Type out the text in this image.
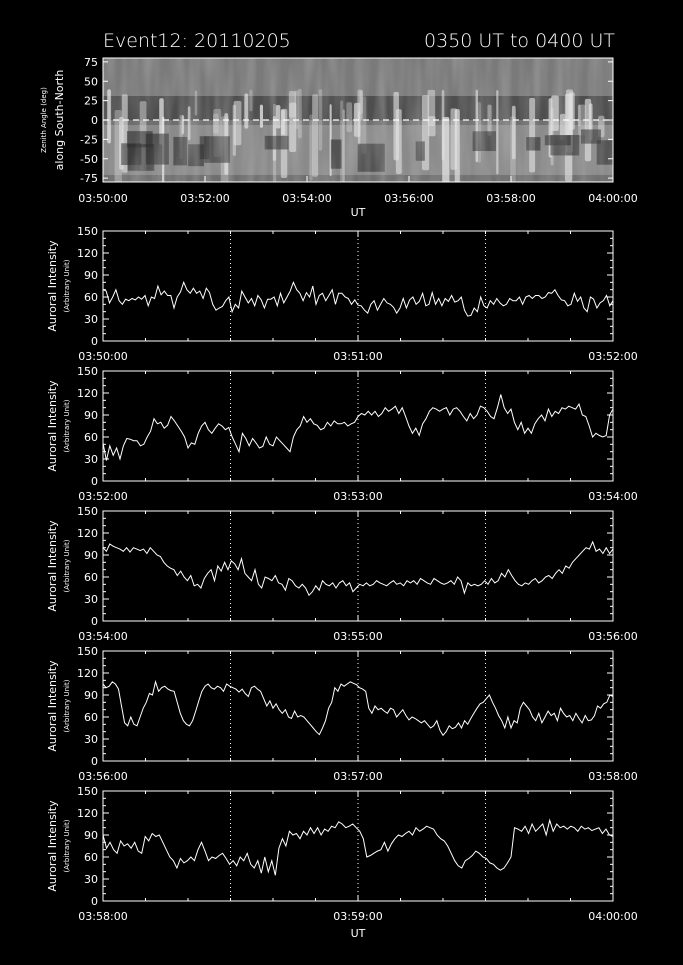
Event12: 20110205	0350 UT to 0400 UT
75
50
25
0
-25
-50
-75
03:50:00	03:52:00	03:54:00	03:56:00	03:58:00	04:00:00
Zenith Angle (deg) along South-North
UT
150
120
90
60
30
0
03:50:00	03:51:00	03:52:00
Auroral Intensity (Arbitrary Unit)
150
120
90
60
30
0
03:52:00	03:53:00	03:54:00
Auroral Intensity (Arbitrary Unit)
150
120
90
60
30
0
03:54:00	03:55:00	03:56:00
Auroral Intensity (Arbitrary Unit)
150
120
90
60
30
0
03:56:00	03:57:00	03:58:00
Auroral Intensity (Arbitrary Unit)
150
120
90
60
30
0
03:58:00	03:59:00	04:00:00
Auroral Intensity (Arbitrary Unit)
UT
